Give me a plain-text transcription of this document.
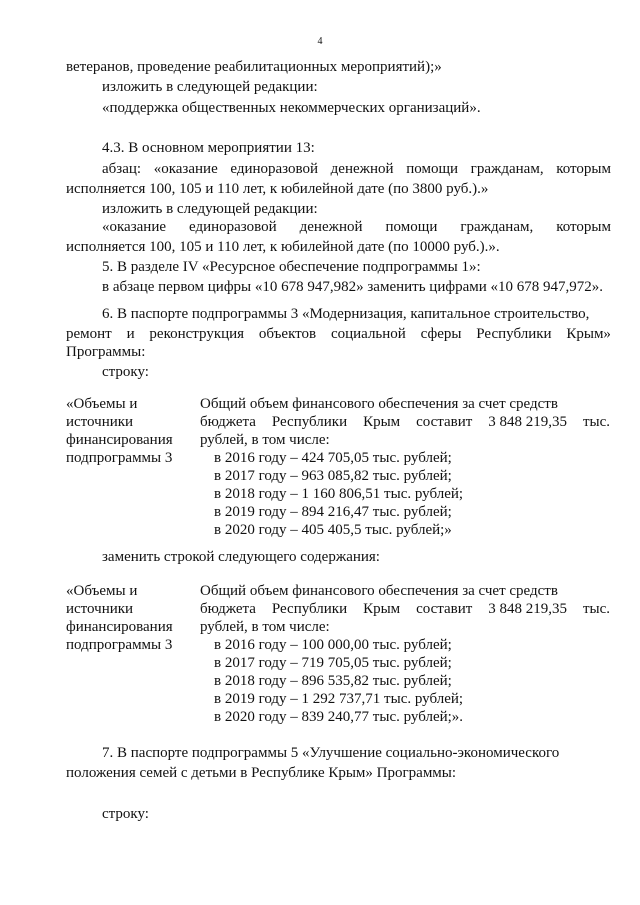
4
ветеранов, проведение реабилитационных мероприятий);»
изложить в следующей редакции:
«поддержка общественных некоммерческих организаций».
4.3. В основном мероприятии 13:
абзац: «оказание единоразовой денежной помощи гражданам, которым
исполняется 100, 105 и 110 лет, к юбилейной дате (по 3800 руб.).»
изложить в следующей редакции:
«оказание единоразовой денежной помощи гражданам, которым
исполняется 100, 105 и 110 лет, к юбилейной дате (по 10000 руб.).».
5. В разделе IV «Ресурсное обеспечение подпрограммы 1»:
в абзаце первом цифры «10 678 947,982» заменить цифрами «10 678 947,972».
6. В паспорте подпрограммы 3 «Модернизация, капитальное строительство,
ремонт и реконструкция объектов социальной сферы Республики Крым»
Программы:
строку:
«Объемы и
источники
финансирования
подпрограммы 3
Общий объем финансового обеспечения за счет средств
бюджета Республики Крым составит 3 848 219,35 тыс.
рублей, в том числе:
в 2016 году – 424 705,05 тыс. рублей;
в 2017 году – 963 085,82 тыс. рублей;
в 2018 году – 1 160 806,51 тыс. рублей;
в 2019 году – 894 216,47 тыс. рублей;
в 2020 году – 405 405,5 тыс. рублей;»
заменить строкой следующего содержания:
«Объемы и
источники
финансирования
подпрограммы 3
Общий объем финансового обеспечения за счет средств
бюджета Республики Крым составит 3 848 219,35 тыс.
рублей, в том числе:
в 2016 году – 100 000,00 тыс. рублей;
в 2017 году – 719 705,05 тыс. рублей;
в 2018 году – 896 535,82 тыс. рублей;
в 2019 году – 1 292 737,71 тыс. рублей;
в 2020 году – 839 240,77 тыс. рублей;».
7. В паспорте подпрограммы 5 «Улучшение социально-экономического
положения семей с детьми в Республике Крым» Программы:
строку:
